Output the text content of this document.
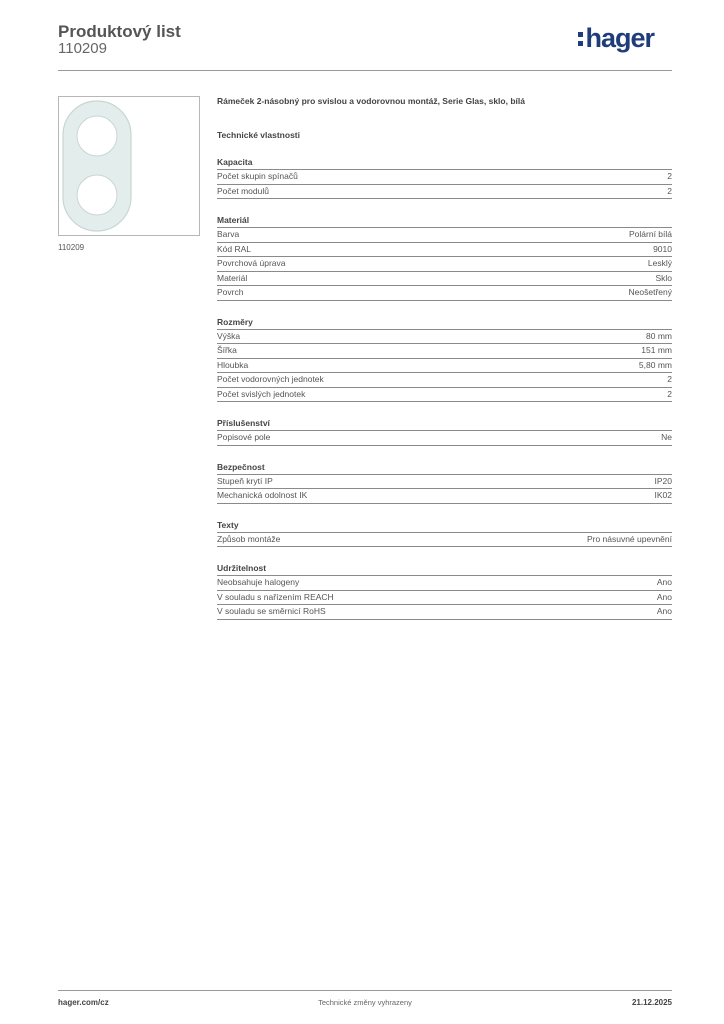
Produktový list
110209	hager
110209
Rámeček 2-násobný pro svislou a vodorovnou montáž, Serie Glas, sklo, bílá
Technické vlastnosti
Kapacita
Počet skupin spínačů	2
Počet modulů	2
Materiál
Barva	Polární bílá
Kód RAL	9010
Povrchová úprava	Lesklý
Materiál	Sklo
Povrch	Neošetřený
Rozměry
Výška	80 mm
Šířka	151 mm
Hloubka	5,80 mm
Počet vodorovných jednotek	2
Počet svislých jednotek	2
Příslušenství
Popisové pole	Ne
Bezpečnost
Stupeň krytí IP	IP20
Mechanická odolnost IK	IK02
Texty
Způsob montáže	Pro násuvné upevnění
Udržitelnost
Neobsahuje halogeny	Ano
V souladu s nařízením REACH	Ano
V souladu se směrnicí RoHS	Ano
hager.com/cz	Technické změny vyhrazeny	21.12.2025
